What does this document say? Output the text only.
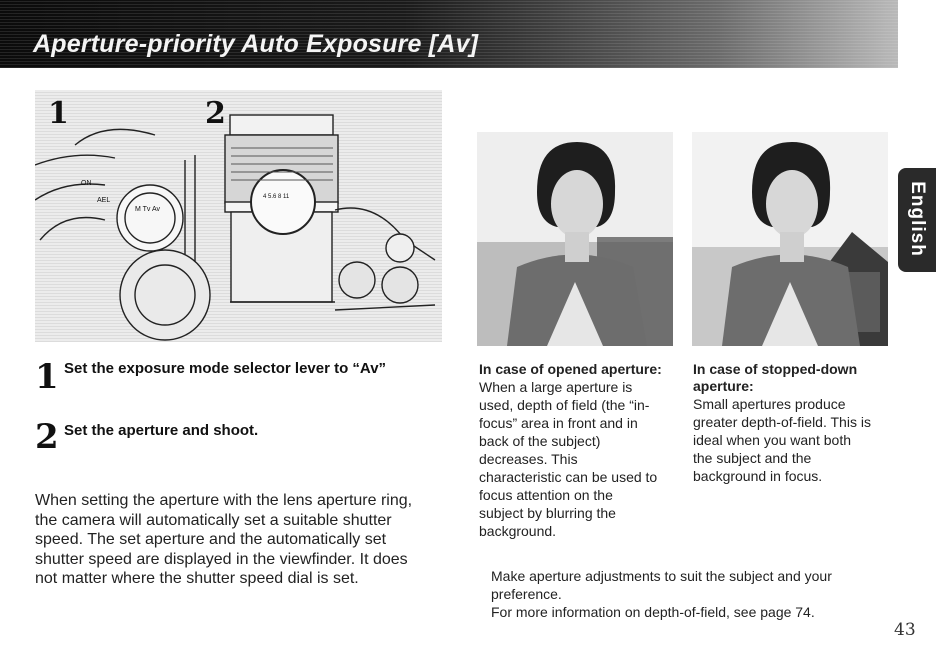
Aperture-priority Auto Exposure [Av]
English
M Tv Av
ON
AEL	4 5.6 8 11
1	2
1 Set the exposure mode selector lever to “Av”
2 Set the aperture and shoot.
When setting the aperture with the lens aperture ring,
the camera will automatically set a suitable shutter
speed. The set aperture and the automatically set
shutter speed are displayed in the viewfinder. It does
not matter where the shutter speed dial is set.
In case of opened aperture:
When a large aperture is
used, depth of field (the “in-
focus” area in front and in
back of the subject)
decreases. This
characteristic can be used to
focus attention on the
subject by blurring the
background.
In case of stopped-down
aperture:
Small apertures produce
greater depth-of-field. This is
ideal when you want both
the subject and the
background in focus.
Make aperture adjustments to suit the subject and your
preference.
For more information on depth-of-field, see page 74.
43
